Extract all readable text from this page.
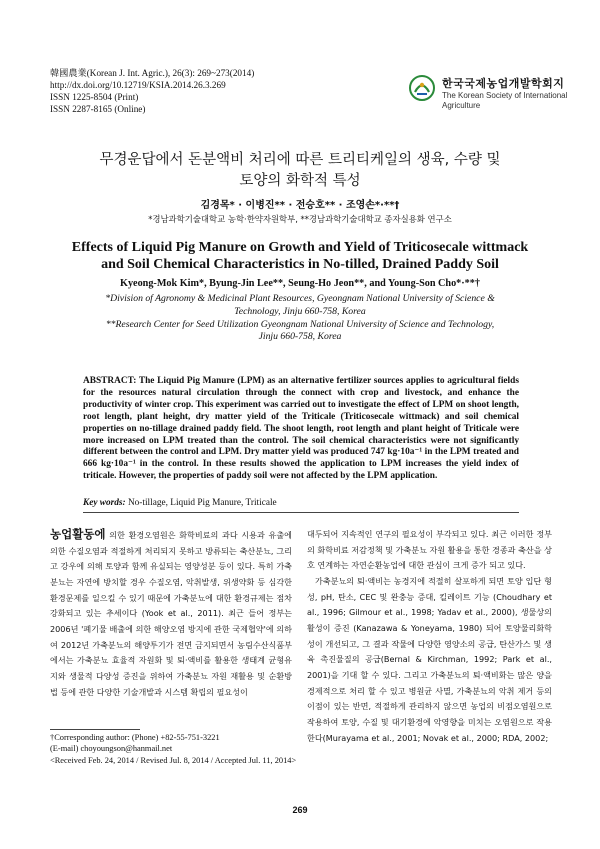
韓國農業(Korean J. Int. Agric.), 26(3): 269~273(2014)
http://dx.doi.org/10.12719/KSIA.2014.26.3.269
ISSN 1225-8504 (Print)
ISSN 2287-8165 (Online)
한국국제농업개발학회지
The Korean Society of International
Agriculture
무경운답에서 돈분액비 처리에 따른 트리티케일의 생육, 수량 및
토양의 화학적 특성
김경목* · 이병진** · 전승호** · 조영손*·**†
*경남과학기술대학교 농학·한약자원학부, **경남과학기술대학교 종자실용화 연구소
Effects of Liquid Pig Manure on Growth and Yield of Triticosecale wittmack
and Soil Chemical Characteristics in No-tilled, Drained Paddy Soil
Kyeong-Mok Kim*, Byung-Jin Lee**, Seung-Ho Jeon**, and Young-Son Cho*·**†
*Division of Agronomy & Medicinal Plant Resources, Gyeongnam National University of Science &
Technology, Jinju 660-758, Korea
**Research Center for Seed Utilization Gyeongnam National University of Science and Technology,
Jinju 660-758, Korea
ABSTRACT: The Liquid Pig Manure (LPM) as an alternative fertilizer sources applies to agricultural fields for the resources natural circulation through the connect with crop and livestock, and enhance the productivity of winter crop. This experiment was carried out to investigate the effect of LPM on shoot length, root length, plant height, dry matter yield of the Triticale (Triticosecale wittmack) and soil chemical properties on no-tillage drained paddy field. The shoot length, root length and plant height of Triticale were more increased on LPM treated than the control. The soil chemical characteristics were not significantly different between the control and LPM. Dry matter yield was produced 747 kg·10a⁻¹ in the LPM treated and 666 kg·10a⁻¹ in the control. In these results showed the application to LPM increases the yield index of triticale. However, the properties of paddy soil were not affected by the LPM application.
Key words: No-tillage, Liquid Pig Manure, Triticale
농업활동에 의한 환경오염원은 화학비료의 과다 시용과 유출에 의한 수질오염과 적절하게 처리되지 못하고 방류되는 축산분뇨, 그리고 강우에 의해 토양과 함께 유실되는 영양성분 등이 있다. 특히 가축분뇨는 자연에 방치할 경우 수질오염, 악취발생, 위생약화 등 심각한 환경문제를 일으킬 수 있기 때문에 가축분뇨에 대한 환경규제는 점차 강화되고 있는 추세이다 (Yook et al., 2011). 최근 들어 정부는 2006년 '폐기물 배출에 의한 해양오염 방지에 관한 국제협약'에 의하여 2012년 가축분뇨의 해양투기가 전면 금지되면서 농림수산식품부에서는 가축분뇨 효율적 자원화 및 퇴·액비를 활용한 생태계 균형유지와 생물적 다양성 증진을 위하여 가축분뇨 자원 재활용 및 순환방법 등에 관한 다양한 기술개발과 시스템 확립의 필요성이
대두되어 지속적인 연구의 필요성이 부각되고 있다. 최근 이러한 정부의 화학비료 저감정책 및 가축분뇨 자원 활용을 통한 경종과 축산을 상호 연계하는 자연순환농업에 대한 관심이 크게 증가 되고 있다.
가축분뇨의 퇴·액비는 농경지에 적절히 살포하게 되면 토양 입단 형성, pH, 탄소, CEC 및 완충능 증대, 킬레이트 기능 (Choudhary et al., 1996; Gilmour et al., 1998; Yadav et al., 2000), 생물상의 활성이 증진 (Kanazawa & Yoneyama, 1980) 되어 토양물리화학성이 개선되고, 그 결과 작물에 다양한 영양소의 공급, 탄산가스 및 생육 촉진물질의 공급(Bernal & Kirchman, 1992; Park et al., 2001)을 기대 할 수 있다. 그리고 가축분뇨의 퇴·액비화는 많은 양을 경제적으로 처리 할 수 있고 병원균 사멸, 가축분뇨의 악취 제거 등의 이점이 있는 반면, 적절하게 관리하지 않으면 농업의 비점오염원으로 작용하여 토양, 수질 및 대기환경에 악영향을 미치는 오염원으로 작용한다(Murayama et al., 2001; Novak et al., 2000; RDA, 2002;
†Corresponding author: (Phone) +82-55-751-3221
(E-mail) choyoungson@hanmail.net
<Received Feb. 24, 2014 / Revised Jul. 8, 2014 / Accepted Jul. 11, 2014>
269
